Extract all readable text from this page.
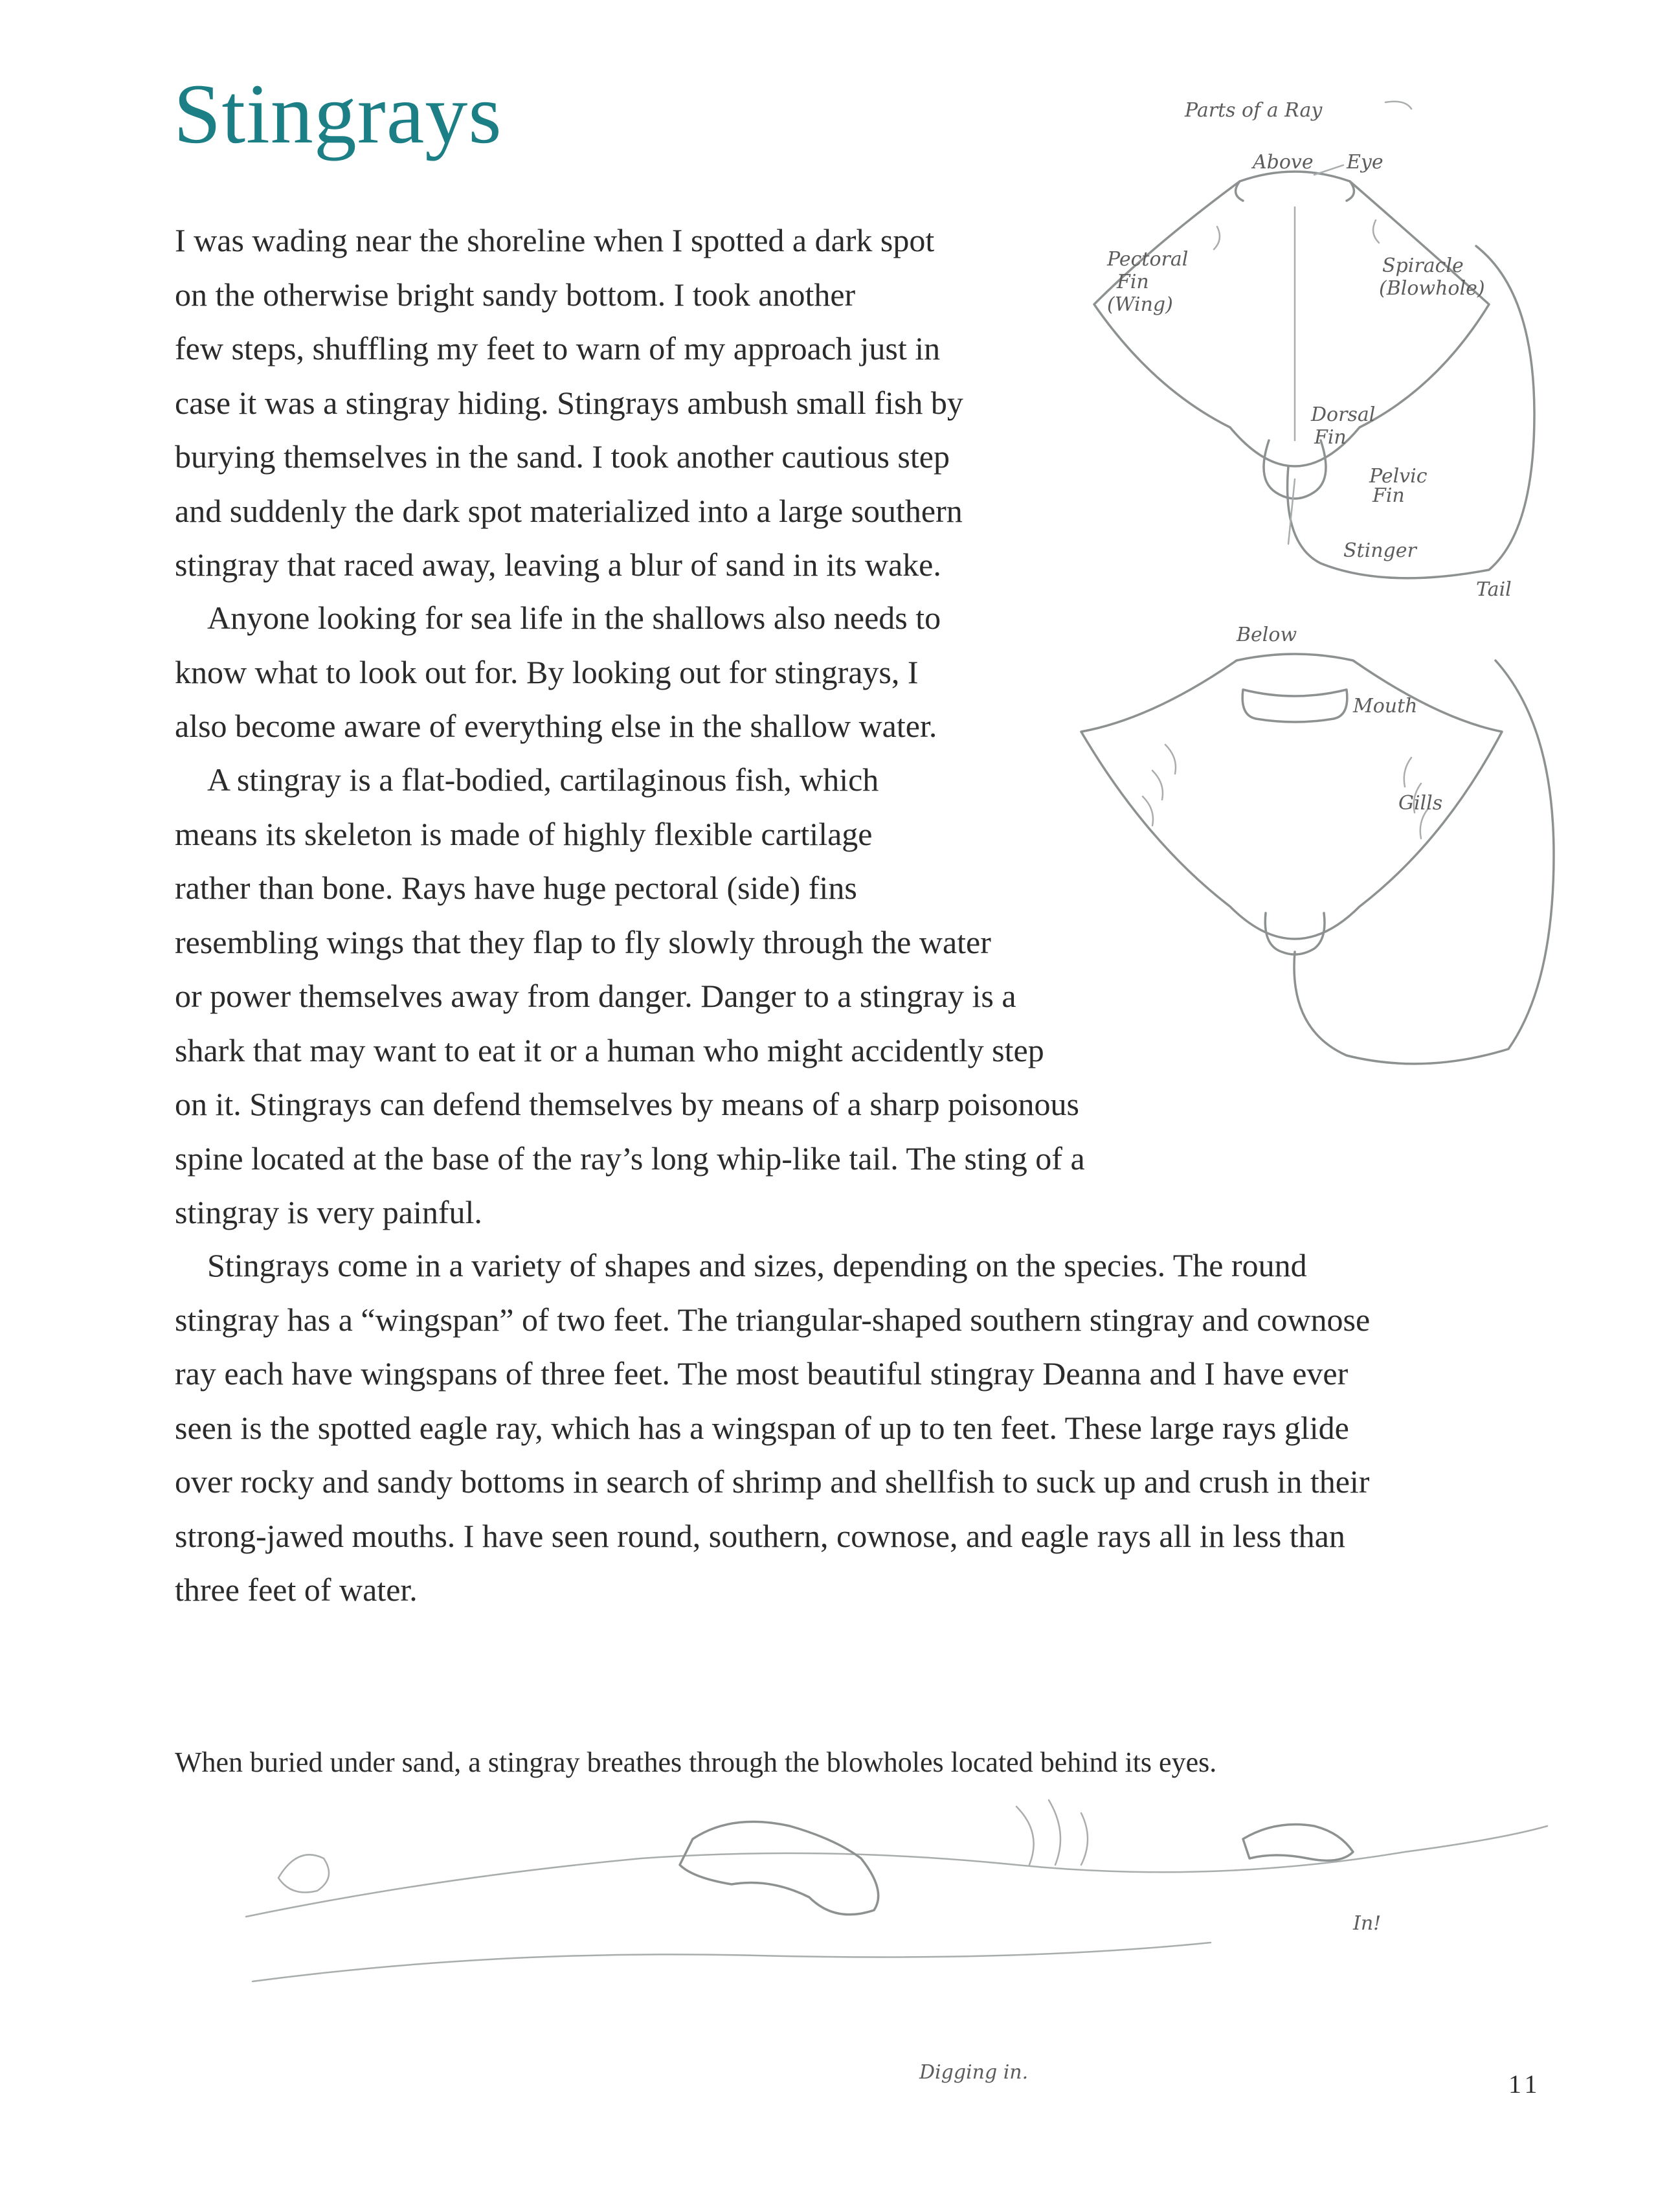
Stingrays

I was wading near the shoreline when I spotted a dark spot
on the otherwise bright sandy bottom. I took another
few steps, shuffling my feet to warn of my approach just in
case it was a stingray hiding. Stingrays ambush small fish by
burying themselves in the sand. I took another cautious step
and suddenly the dark spot materialized into a large southern
stingray that raced away, leaving a blur of sand in its wake.

 Anyone looking for sea life in the shallows also needs to
know what to look out for. By looking out for stingrays, I
also become aware of everything else in the shallow water.

 A stingray is a flat-bodied, cartilaginous fish, which
means its skeleton is made of highly flexible cartilage
rather than bone. Rays have huge pectoral (side) fins
resembling wings that they flap to fly slowly through the water
or power themselves away from danger. Danger to a stingray is a
shark that may want to eat it or a human who might accidently step
on it. Stingrays can defend themselves by means of a sharp poisonous
spine located at the base of the ray’s long whip-like tail. The sting of a
stingray is very painful.

 Stingrays come in a variety of shapes and sizes, depending on the species. The round
stingray has a “wingspan” of two feet. The triangular-shaped southern stingray and cownose
ray each have wingspans of three feet. The most beautiful stingray Deanna and I have ever
seen is the spotted eagle ray, which has a wingspan of up to ten feet. These large rays glide
over rocky and sandy bottoms in search of shrimp and shellfish to suck up and crush in their
strong-jawed mouths. I have seen round, southern, cownose, and eagle rays all in less than
three feet of water.

Parts of a Ray
Above Eye
Pectoral
Fin
(Wing)
Spiracle
(Blowhole)
Dorsal
Fin
Pelvic
Fin
Stinger
Tail
Below
Mouth
Gills

When buried under sand, a stingray breathes through the blowholes located behind its eyes.

In!
Digging in.	11
